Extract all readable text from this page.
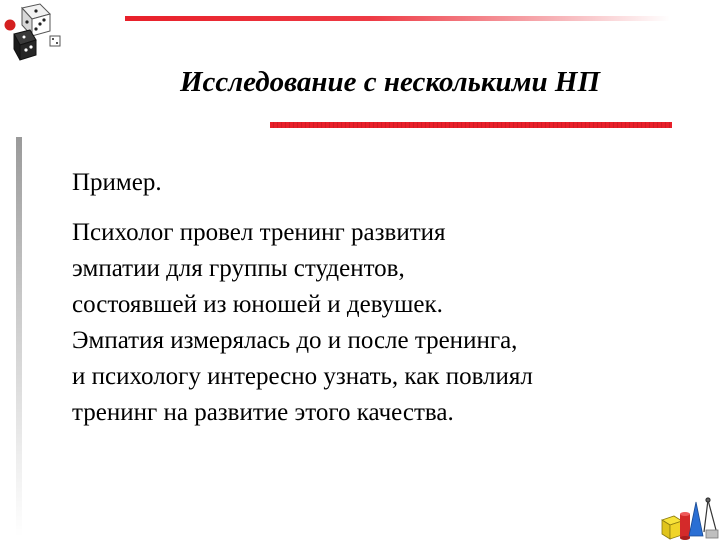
Исследование с несколькими НП

Пример.

Психолог провел тренинг развития
эмпатии для группы студентов,
состоявшей из юношей и девушек.
Эмпатия измерялась до и после тренинга,
и психологу интересно узнать, как повлиял
тренинг на развитие этого качества.
